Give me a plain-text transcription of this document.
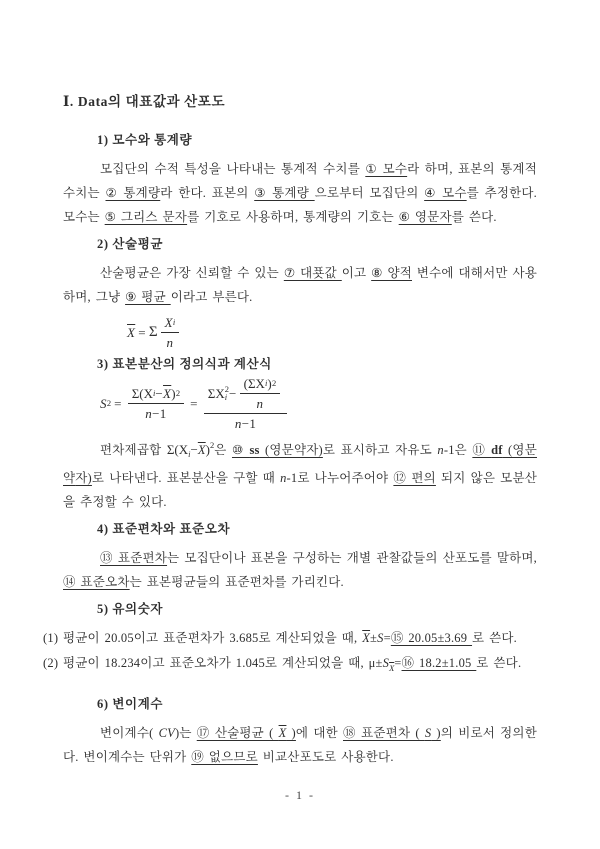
Ⅰ. Data의 대표값과 산포도
1) 모수와 통계량

모집단의 수적 특성을 나타내는 통계적 수치를 ① 모수라 하며, 표본의 통계적 수치는 ② 통계량라 한다. 표본의 ③ 통계량 으로부터 모집단의 ④ 모수를 추정한다. 모수는 ⑤ 그리스 문자를 기호로 사용하며, 통계량의 기호는 ⑥ 영문자를 쓴다.

2) 산술평균

산술평균은 가장 신뢰할 수 있는 ⑦ 대푯값 이고 ⑧ 양적 변수에 대해서만 사용하며, 그냥 ⑨ 평균 이라고 부른다.

$\overline{X} = \Sigma \frac{\text{X i}}{n}$
3) 표본분산의 정의식과 계산식
S $2 = \frac{\Sigma(X i - \overline{X} ) 2}{n-1} = \Sigma X$ 2
$i - \frac{\text{(ΣX i ) 2}}{n}$
n−1

편차제곱합 $\Sigma(X_i-\overline{X})^2$은 ⑩ ss (영문약자)로 표시하고 자유도 n-1은 ⑪ df (영문약자)로 나타낸다. 표본분산을 구할 때 n-1로 나누어주어야 ⑫ 편의 되지 않은 모분산을 추정할 수 있다.

4) 표준편차와 표준오차

⑬ 표준편차는 모집단이나 표본을 구성하는 개별 관찰값들의 산포도를 말하며, ⑭ 표준오차는 표본평균들의 표준편차를 가리킨다.

5) 유의숫자

(1) 평균이 20.05이고 표준편차가 3.685로 계산되었을 때, $\overline{X}\pm S=⑮$ 20.05±3.69 로 쓴다.

(2) 평균이 18.234이고 표준오차가 1.045로 계산되었을 때, $\mu\pm S_{\overline{X}}=⑯$ 18.2±1.05 로 쓴다.

6) 변이계수

변이계수( CV)는 ⑰ 산술평균 ( X )에 대한 ⑱ 표준편차 ( S )의 비로서 정의한다. 변이계수는 단위가 ⑲ 없으므로 비교산포도로 사용한다.

- 1 -
